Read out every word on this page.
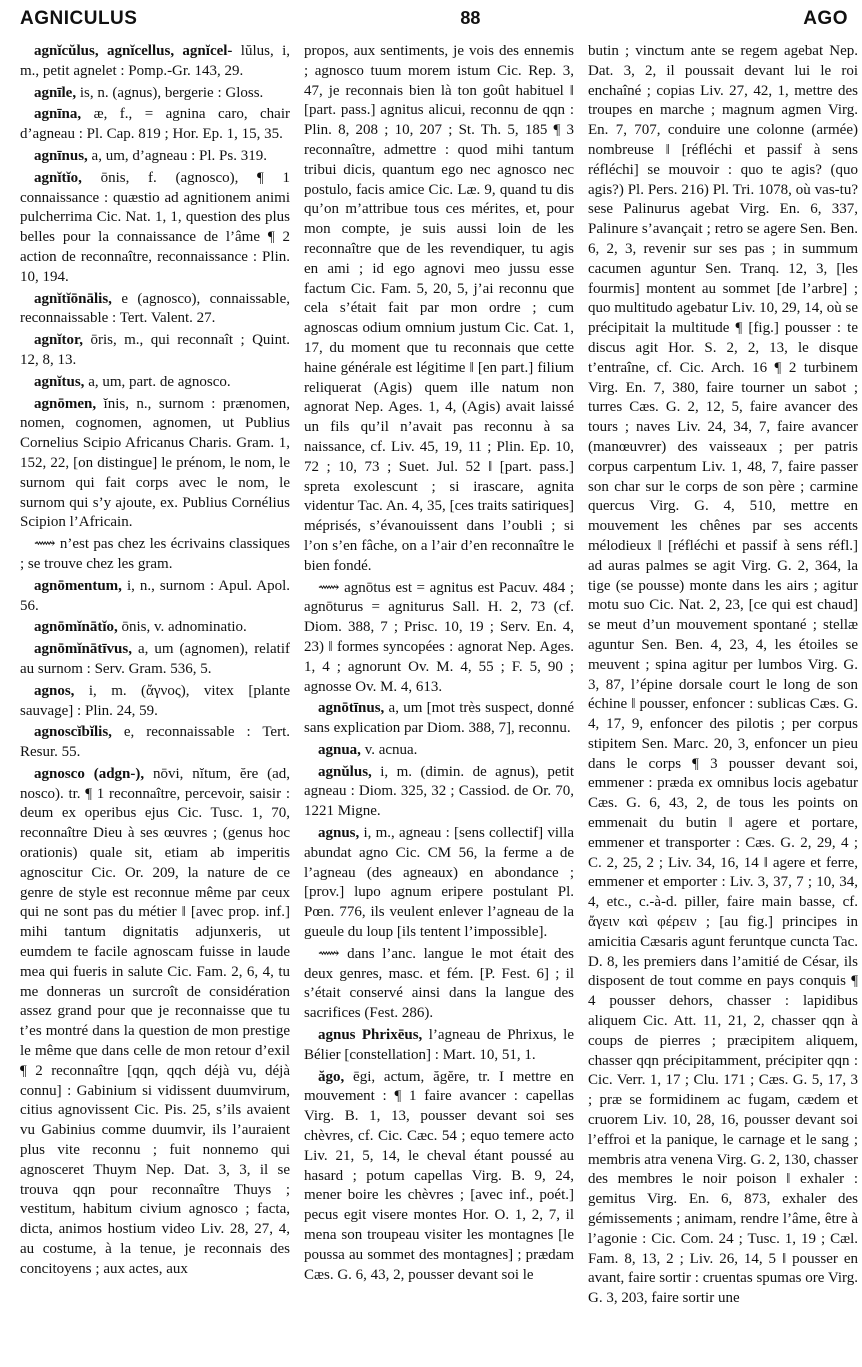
AGNICULUS	88	AGO
agnĭcŭlus, agnĭcellus, agnĭcel- lŭlus, i, m., petit agnelet : Pomp.-Gr. 143, 29.
agnīle, is, n. (agnus), bergerie : Gloss.
agnīna, æ, f., = agnina caro, chair d’agneau : Pl. Cap. 819 ; Hor. Ep. 1, 15, 35.
agnīnus, a, um, d’agneau : Pl. Ps. 319.
agnĭtĭo, ōnis, f. (agnosco), ¶ 1 connaissance : quæstio ad agnitionem animi pulcherrima Cic. Nat. 1, 1, question des plus belles pour la connaissance de l’âme ¶ 2 action de reconnaître, reconnaissance : Plin. 10, 194.
agnĭtĭōnālis, e (agnosco), connaissable, reconnaissable : Tert. Valent. 27.
agnĭtor, ōris, m., qui reconnaît ; Quint. 12, 8, 13.
agnĭtus, a, um, part. de agnosco.
agnōmen, ĭnis, n., surnom : prænomen, nomen, cognomen, agnomen, ut Publius Cornelius Scipio Africanus Charis. Gram. 1, 152, 22, [on distingue] le prénom, le nom, le surnom qui fait corps avec le nom, le surnom qui s’y ajoute, ex. Publius Cornélius Scipion l’Africain.
⟿ n’est pas chez les écrivains classiques ; se trouve chez les gram.
agnōmentum, i, n., surnom : Apul. Apol. 56.
agnōmĭnātĭo, ōnis, v. adnominatio.
agnōmĭnātīvus, a, um (agnomen), relatif au surnom : Serv. Gram. 536, 5.
agnos, i, m. (ἄγνος), vitex [plante sauvage] : Plin. 24, 59.
agnoscĭbĭlis, e, reconnaissable : Tert. Resur. 55.
agnosco (adgn-), nōvi, nĭtum, ĕre (ad, nosco). tr. ¶ 1 reconnaître, percevoir, saisir : deum ex operibus ejus Cic. Tusc. 1, 70, reconnaître Dieu à ses œuvres ; (genus hoc orationis) quale sit, etiam ab imperitis agnoscitur Cic. Or. 209, la nature de ce genre de style est reconnue même par ceux qui ne sont pas du métier ‖ [avec prop. inf.] mihi tantum dignitatis adjunxeris, ut eumdem te facile agnoscam fuisse in laude mea qui fueris in salute Cic. Fam. 2, 6, 4, tu me donneras un surcroît de considération assez grand pour que je reconnaisse que tu t’es montré dans la question de mon prestige le même que dans celle de mon retour d’exil ¶ 2 reconnaître [qqn, qqch déjà vu, déjà connu] : Gabinium si vidissent duumvirum, citius agnovissent Cic. Pis. 25, s’ils avaient vu Gabinius comme duumvir, ils l’auraient plus vite reconnu ; fuit nonnemo qui agnosceret Thuym Nep. Dat. 3, 3, il se trouva qqn pour reconnaître Thuys ; vestitum, habitum civium agnosco ; facta, dicta, animos hostium video Liv. 28, 27, 4, au costume, à la tenue, je reconnais des concitoyens ; aux actes, aux
propos, aux sentiments, je vois des ennemis ; agnosco tuum morem istum Cic. Rep. 3, 47, je reconnais bien là ton goût habituel ‖ [part. pass.] agnitus alicui, reconnu de qqn : Plin. 8, 208 ; 10, 207 ; St. Th. 5, 185 ¶ 3 reconnaître, admettre : quod mihi tantum tribui dicis, quantum ego nec agnosco nec postulo, facis amice Cic. Læ. 9, quand tu dis qu’on m’attribue tous ces mérites, et, pour mon compte, je suis aussi loin de les reconnaître que de les revendiquer, tu agis en ami ; id ego agnovi meo jussu esse factum Cic. Fam. 5, 20, 5, j’ai reconnu que cela s’était fait par mon ordre ; cum agnoscas odium omnium justum Cic. Cat. 1, 17, du moment que tu reconnais que cette haine générale est légitime ‖ [en part.] filium reliquerat (Agis) quem ille natum non agnorat Nep. Ages. 1, 4, (Agis) avait laissé un fils qu’il n’avait pas reconnu à sa naissance, cf. Liv. 45, 19, 11 ; Plin. Ep. 10, 72 ; 10, 73 ; Suet. Jul. 52 ‖ [part. pass.] spreta exolescunt ; si irascare, agnita videntur Tac. An. 4, 35, [ces traits satiriques] méprisés, s’évanouissent dans l’oubli ; si l’on s’en fâche, on a l’air d’en reconnaître le bien fondé.
⟿ agnōtus est = agnitus est Pacuv. 484 ; agnōturus = agniturus Sall. H. 2, 73 (cf. Diom. 388, 7 ; Prisc. 10, 19 ; Serv. En. 4, 23) ‖ formes syncopées : agnorat Nep. Ages. 1, 4 ; agnorunt Ov. M. 4, 55 ; F. 5, 90 ; agnosse Ov. M. 4, 613.
agnōtīnus, a, um [mot très suspect, donné sans explication par Diom. 388, 7], reconnu.
agnua, v. acnua.
agnŭlus, i, m. (dimin. de agnus), petit agneau : Diom. 325, 32 ; Cassiod. de Or. 70, 1221 Migne.
agnus, i, m., agneau : [sens collectif] villa abundat agno Cic. CM 56, la ferme a de l’agneau (des agneaux) en abondance ; [prov.] lupo agnum eripere postulant Pl. Pœn. 776, ils veulent enlever l’agneau de la gueule du loup [ils tentent l’impossible].
⟿ dans l’anc. langue le mot était des deux genres, masc. et fém. [P. Fest. 6] ; il s’était conservé ainsi dans la langue des sacrifices (Fest. 286).
agnus Phrixēus, l’agneau de Phrixus, le Bélier [constellation] : Mart. 10, 51, 1.
ăgo, ēgi, actum, ăgĕre, tr. I mettre en mouvement : ¶ 1 faire avancer : capellas Virg. B. 1, 13, pousser devant soi ses chèvres, cf. Cic. Cæc. 54 ; equo temere acto Liv. 21, 5, 14, le cheval étant poussé au hasard ; potum capellas Virg. B. 9, 24, mener boire les chèvres ; [avec inf., poét.] pecus egit visere montes Hor. O. 1, 2, 7, il mena son troupeau visiter les montagnes [le poussa au sommet des montagnes] ; prædam Cæs. G. 6, 43, 2, pousser devant soi le
butin ; vinctum ante se regem agebat Nep. Dat. 3, 2, il poussait devant lui le roi enchaîné ; copias Liv. 27, 42, 1, mettre des troupes en marche ; magnum agmen Virg. En. 7, 707, conduire une colonne (armée) nombreuse ‖ [réfléchi et passif à sens réfléchi] se mouvoir : quo te agis? (quo agis?) Pl. Pers. 216) Pl. Tri. 1078, où vas-tu? sese Palinurus agebat Virg. En. 6, 337, Palinure s’avançait ; retro se agere Sen. Ben. 6, 2, 3, revenir sur ses pas ; in summum cacumen aguntur Sen. Tranq. 12, 3, [les fourmis] montent au sommet [de l’arbre] ; quo multitudo agebatur Liv. 10, 29, 14, où se précipitait la multitude ¶ [fig.] pousser : te discus agit Hor. S. 2, 2, 13, le disque t’entraîne, cf. Cic. Arch. 16 ¶ 2 turbinem Virg. En. 7, 380, faire tourner un sabot ; turres Cæs. G. 2, 12, 5, faire avancer des tours ; naves Liv. 24, 34, 7, faire avancer (manœuvrer) des vaisseaux ; per patris corpus carpentum Liv. 1, 48, 7, faire passer son char sur le corps de son père ; carmine quercus Virg. G. 4, 510, mettre en mouvement les chênes par ses accents mélodieux ‖ [réfléchi et passif à sens réfl.] ad auras palmes se agit Virg. G. 2, 364, la tige (se pousse) monte dans les airs ; agitur motu suo Cic. Nat. 2, 23, [ce qui est chaud] se meut d’un mouvement spontané ; stellæ aguntur Sen. Ben. 4, 23, 4, les étoiles se meuvent ; spina agitur per lumbos Virg. G. 3, 87, l’épine dorsale court le long de son échine ‖ pousser, enfoncer : sublicas Cæs. G. 4, 17, 9, enfoncer des pilotis ; per corpus stipitem Sen. Marc. 20, 3, enfoncer un pieu dans le corps ¶ 3 pousser devant soi, emmener : præda ex omnibus locis agebatur Cæs. G. 6, 43, 2, de tous les points on emmenait du butin ‖ agere et portare, emmener et transporter : Cæs. G. 2, 29, 4 ; C. 2, 25, 2 ; Liv. 34, 16, 14 ‖ agere et ferre, emmener et emporter : Liv. 3, 37, 7 ; 10, 34, 4, etc., c.-à-d. piller, faire main basse, cf. ἄγειν καὶ φέρειν ; [au fig.] principes in amicitia Cæsaris agunt feruntque cuncta Tac. D. 8, les premiers dans l’amitié de César, ils disposent de tout comme en pays conquis ¶ 4 pousser dehors, chasser : lapidibus aliquem Cic. Att. 11, 21, 2, chasser qqn à coups de pierres ; præcipitem aliquem, chasser qqn précipitamment, précipiter qqn : Cic. Verr. 1, 17 ; Clu. 171 ; Cæs. G. 5, 17, 3 ; præ se formidinem ac fugam, cædem et cruorem Liv. 10, 28, 16, pousser devant soi l’effroi et la panique, le carnage et le sang ; membris atra venena Virg. G. 2, 130, chasser des membres le noir poison ‖ exhaler : gemitus Virg. En. 6, 873, exhaler des gémissements ; animam, rendre l’âme, être à l’agonie : Cic. Com. 24 ; Tusc. 1, 19 ; Cæl. Fam. 8, 13, 2 ; Liv. 26, 14, 5 ‖ pousser en avant, faire sortir : cruentas spumas ore Virg. G. 3, 203, faire sortir une
